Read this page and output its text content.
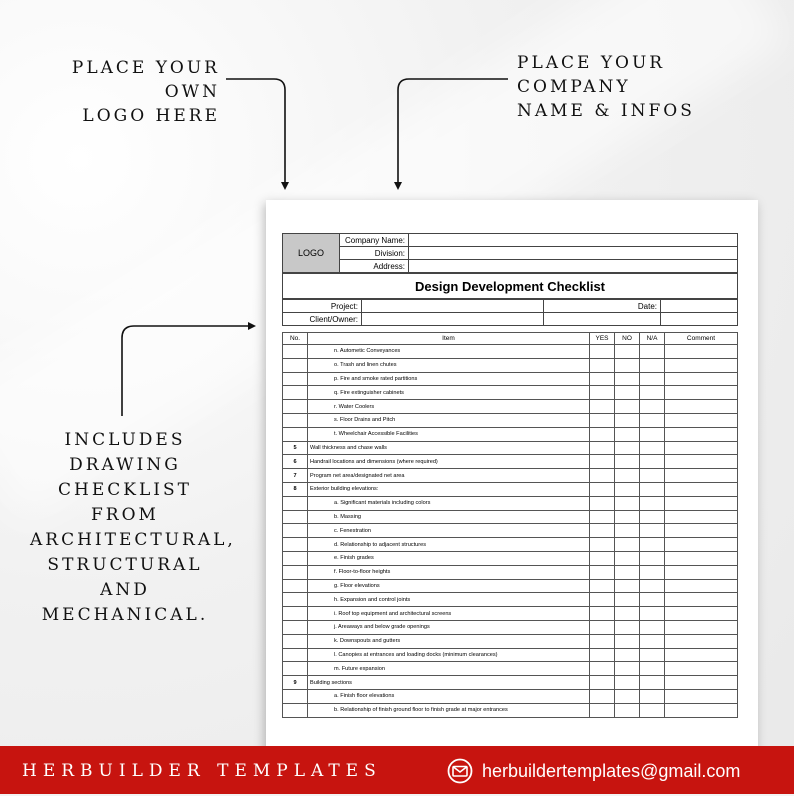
PLACE YOUR OWN
LOGO HERE
PLACE YOUR COMPANY
NAME & INFOS
INCLUDES
DRAWING
CHECKLIST FROM
ARCHITECTURAL,
STRUCTURAL AND
MECHANICAL.
LOGO	Company Name:	
	Division:	
	Address:	
Design Development Checklist
Project:		Date:	
Client/Owner:			
No.	Item	YES	NO	N/A	Comment
	n. Autometic Conveyances				
	o. Trash and linen chutes				
	p. Fire and smoke rated partitions				
	q. Fire extinguisher cabinets				
	r. Water Coolers				
	s. Floor Drains and Pitch				
	t. Wheelchair Accessible Facilities				
5	Wall thickness and chase walls				
6	Handrail locations and dimensions (where required)				
7	Program net area/designated net area				
8	Exterior building elevations:				
	a. Significant materials including colors				
	b. Massing				
	c. Fenestration				
	d. Relationship to adjacent structures				
	e. Finish grades				
	f. Floor-to-floor heights				
	g. Floor elevations				
	h. Expansion and control joints				
	i. Roof top equipment and architectural screens				
	j. Areaways and below grade openings				
	k. Downspouts and gutters				
	l. Canopies at entrances and loading docks (minimum clearances)				
	m. Future expansion				
9	Building sections				
	a. Finish floor elevations				
	b. Relationship of finish ground floor to finish grade at major entrances				
HERBUILDER TEMPLATES	herbuildertemplates@gmail.com
